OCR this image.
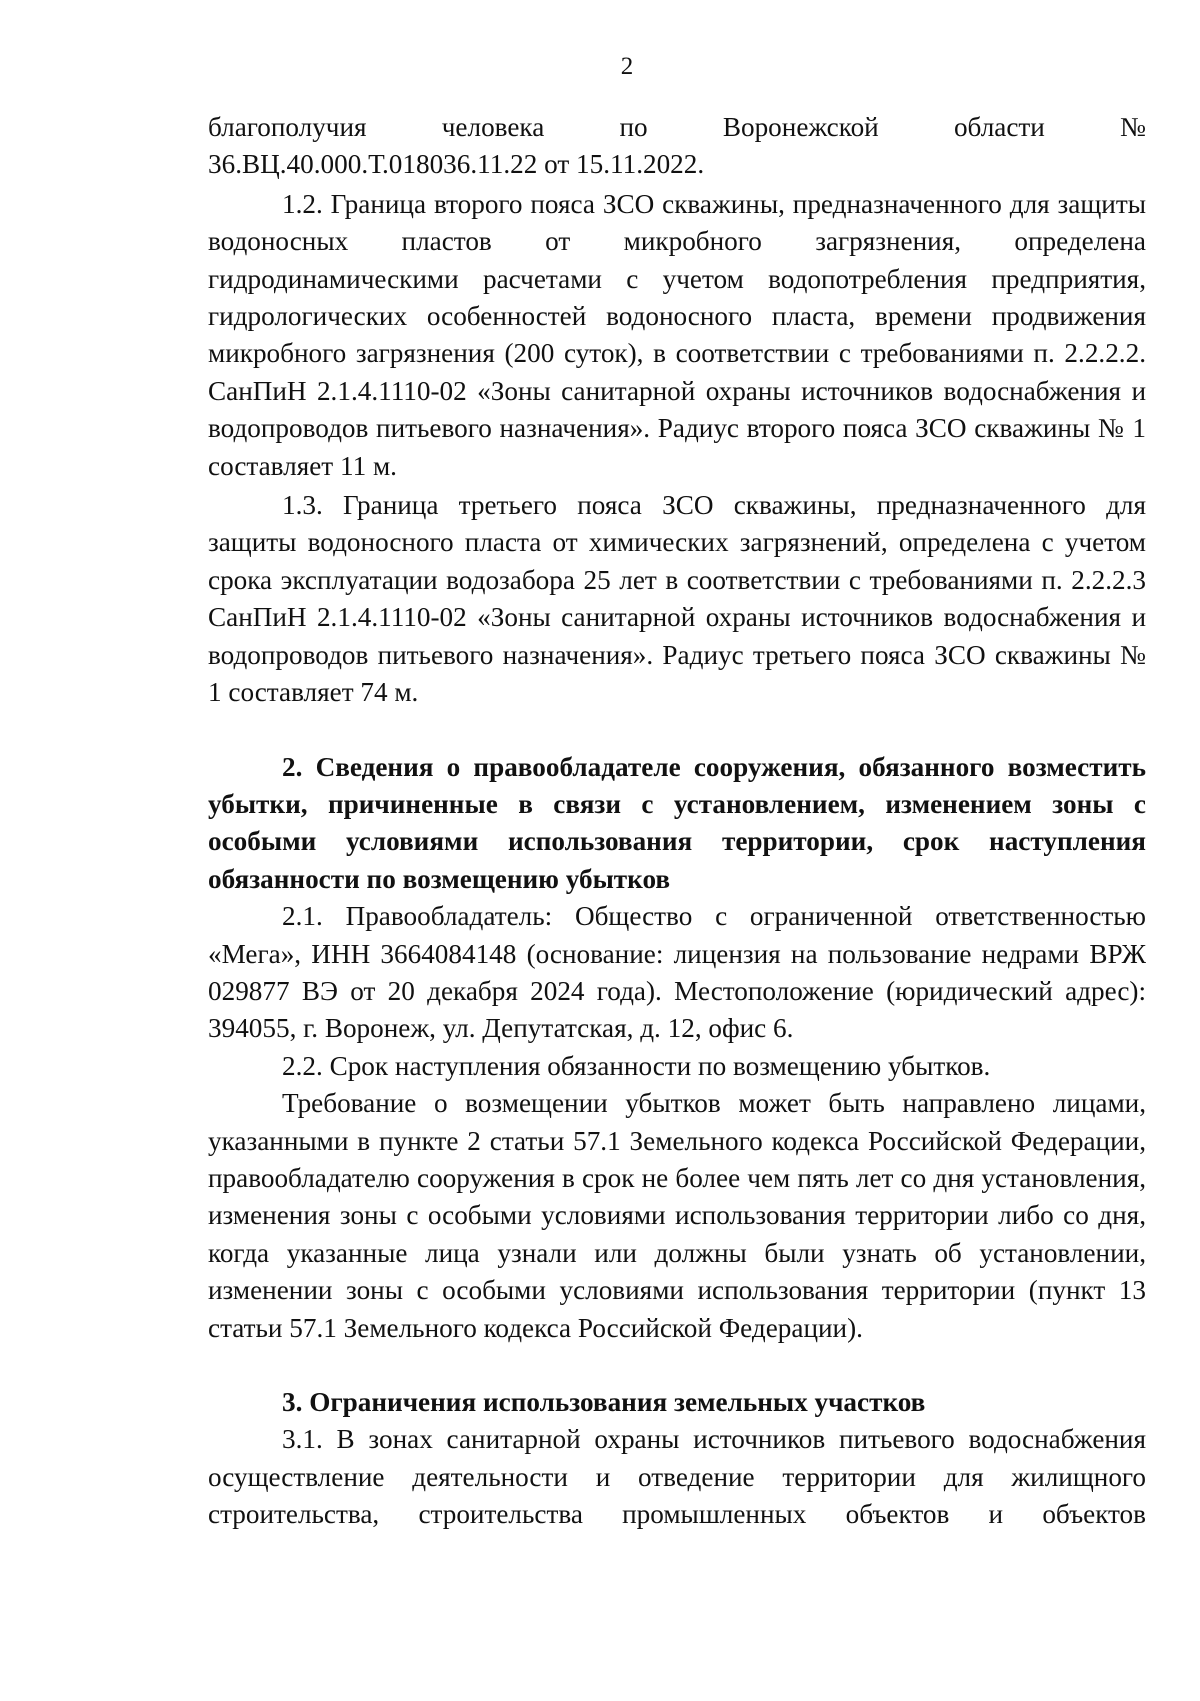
2

благополучия человека по Воронежской области №

36.ВЦ.40.000.Т.018036.11.22 от 15.11.2022.

1.2. Граница второго пояса ЗСО скважины, предназначенного для защиты водоносных пластов от микробного загрязнения, определена гидродинамическими расчетами с учетом водопотребления предприятия, гидрологических особенностей водоносного пласта, времени продвижения микробного загрязнения (200 суток), в соответствии с требованиями п. 2.2.2.2. СанПиН 2.1.4.1110-02 «Зоны санитарной охраны источников водоснабжения и водопроводов питьевого назначения». Радиус второго пояса ЗСО скважины № 1 составляет 11 м.

1.3. Граница третьего пояса ЗСО скважины, предназначенного для защиты водоносного пласта от химических загрязнений, определена с учетом срока эксплуатации водозабора 25 лет в соответствии с требованиями п. 2.2.2.3 СанПиН 2.1.4.1110-02 «Зоны санитарной охраны источников водоснабжения и водопроводов питьевого назначения». Радиус третьего пояса ЗСО скважины № 1 составляет 74 м.

2. Сведения о правообладателе сооружения, обязанного возместить убытки, причиненные в связи с установлением, изменением зоны с особыми условиями использования территории, срок наступления обязанности по возмещению убытков

2.1. Правообладатель: Общество с ограниченной ответственностью «Мега», ИНН 3664084148 (основание: лицензия на пользование недрами ВРЖ 029877 ВЭ от 20 декабря 2024 года). Местоположение (юридический адрес): 394055, г. Воронеж, ул. Депутатская, д. 12, офис 6.

2.2. Срок наступления обязанности по возмещению убытков.

Требование о возмещении убытков может быть направлено лицами, указанными в пункте 2 статьи 57.1 Земельного кодекса Российской Федерации, правообладателю сооружения в срок не более чем пять лет со дня установления, изменения зоны с особыми условиями использования территории либо со дня, когда указанные лица узнали или должны были узнать об установлении, изменении зоны с особыми условиями использования территории (пункт 13 статьи 57.1 Земельного кодекса Российской Федерации).

3. Ограничения использования земельных участков

3.1. В зонах санитарной охраны источников питьевого водоснабжения осуществление деятельности и отведение территории для жилищного строительства, строительства промышленных объектов и объектов
